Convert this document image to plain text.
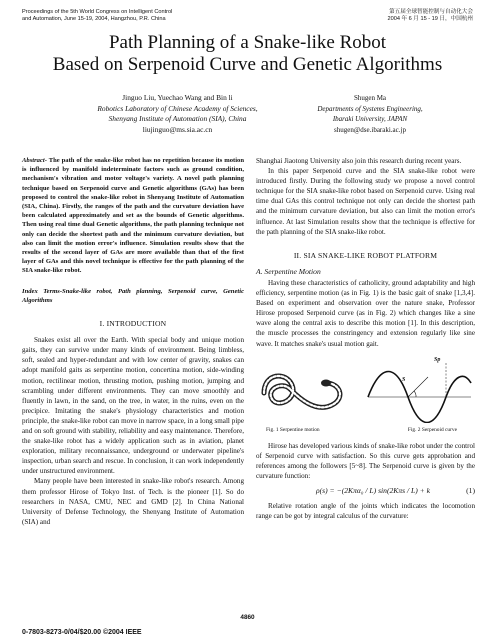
Proceedings of the 5th World Congress on Intelligent Control
and Automation, June 15-19, 2004, Hangzhou, P.R. China
第五届全球智能控制与自动化大会
2004 年 6 月 15 - 19 日，中国杭州
Path Planning of a Snake-like Robot
Based on Serpenoid Curve and Genetic Algorithms
Jinguo Liu, Yuechao Wang and Bin li
Robotics Laboratory of Chinese Academy of Sciences,
Shenyang Institute of Automation (SIA), China
liujinguo@ms.sia.ac.cn
Shugen Ma
Departments of Systems Engineering,
Ibaraki University, JAPAN
shugen@dse.ibaraki.ac.jp
Abstract- The path of the snake-like robot has no repetition because its motion is influenced by manifold indeterminate factors such as ground condition, mechanism's vibration and motor voltage's variety. A novel path planning technique based on Serpenoid curve and Genetic algorithms (GAs) has been proposed to control the snake-like robot in Shenyang Institute of Automation (SIA, China). Firstly, the ranges of the path and the curvature deviation have been calculated approximately and set as the bounds of Genetic algorithms. Then using real time dual Genetic algorithms, the path planning technique not only can decide the shortest path and the minimum curvature deviation, but also can limit the motion error's influence. Simulation results show that the results of the second layer of GAs are more available than that of the first layer of GAs and this novel technique is effective for the path planning of the SIA snake-like robot.
Index Terms-Snake-like robot, Path planning, Serpenoid curve, Genetic Algorithms
I. INTRODUCTION

Snakes exist all over the Earth. With special body and unique motion gaits, they can survive under many kinds of environment. Being limbless, soft, sealed and hyper-redundant and with low center of gravity, snakes can adopt manifold gaits as serpentine motion, concertina motion, side-winding motion, rectilinear motion, thrusting motion, pushing motion, jumping and scrambling under different environments. They can move smoothly and fluently in lawn, in the sand, on the tree, in water, in the ruins, even on the precipice. Imitating the snake's physiology characteristics and motion principle, the snake-like robot can move in narrow space, in a long small pipe and on soft ground with stability, reliability and easy maintenance. Therefore, the snake-like robot has a widely application such as in aviation, planet exploration, military reconnaissance, underground or underwater pipeline's inspection, urban search and rescue. In conclusion, it can work independently under unstructured environment.

Many people have been interested in snake-like robot's research. Among them professor Hirose of Tokyo Inst. of Tech. is the pioneer [1]. So do researchers in NASA, CMU, NEC and GMD [2]. In China National University of Defense Technology, the Shenyang Institute of Automation (SIA) and

Shanghai Jiaotong University also join this research during recent years.

In this paper Serpenoid curve and the SIA snake-like robot were introduced firstly. During the following study we propose a novel control technique for the SIA snake-like robot based on Serpenoid curve. Using real time dual GAs this control technique not only can decide the shortest path and the minimum curvature deviation, but also can limit the motion error's influence. At last Simulation results show that the technique is effective for the path planning of the SIA snake-like robot.

II. SIA SNAKE-LIKE ROBOT PLATFORM
A. Serpentine Motion

Having these characteristics of catholicity, ground adaptability and high efficiency, serpentine motion (as in Fig. 1) is the basic gait of snake [1,3,4]. Based on experiment and observation over the nature snake, Professor Hirose proposed Serpenoid curve (as in Fig. 2) which changes like a sine wave along the central axis to describe this motion [1]. In this description, the muscle processes the constringency and extension regularly like sine wave. It matches snake's usual motion gait.

Sp
S
Fig. 1 Serpentine motion	Fig. 2 Serpenoid curve

Hirose has developed various kinds of snake-like robot under the control of Serpenoid curve with satisfaction. So this curve gets approbation and references among the followers [5~8]. The Serpenoid curve is given by the curvature function:

ρ(s) = −(2Kπα₀ / L) sin(2Kπs / L) + k	(1)

Relative rotation angle of the joints which indicates the locomotion range can be got by integral calculus of the curvature:

4860
0-7803-8273-0/04/$20.00 ©2004 IEEE
